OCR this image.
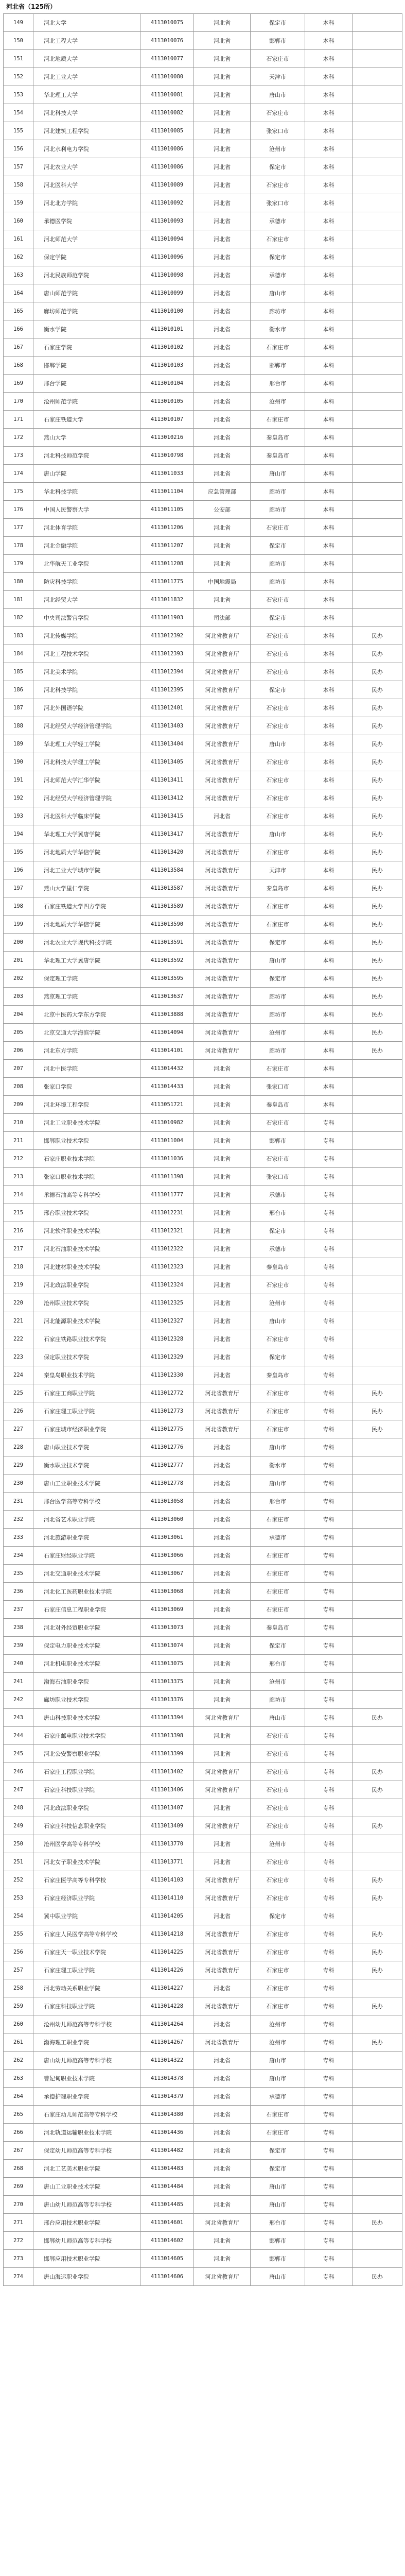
河北省（125所）
149	河北大学	4113010075	河北省	保定市	本科	
150	河北工程大学	4113010076	河北省	邯郸市	本科	
151	河北地质大学	4113010077	河北省	石家庄市	本科	
152	河北工业大学	4113010080	河北省	天津市	本科	
153	华北理工大学	4113010081	河北省	唐山市	本科	
154	河北科技大学	4113010082	河北省	石家庄市	本科	
155	河北建筑工程学院	4113010085	河北省	张家口市	本科	
156	河北水利电力学院	4113010086	河北省	沧州市	本科	
157	河北农业大学	4113010086	河北省	保定市	本科	
158	河北医科大学	4113010089	河北省	石家庄市	本科	
159	河北北方学院	4113010092	河北省	张家口市	本科	
160	承德医学院	4113010093	河北省	承德市	本科	
161	河北师范大学	4113010094	河北省	石家庄市	本科	
162	保定学院	4113010096	河北省	保定市	本科	
163	河北民族师范学院	4113010098	河北省	承德市	本科	
164	唐山师范学院	4113010099	河北省	唐山市	本科	
165	廊坊师范学院	4113010100	河北省	廊坊市	本科	
166	衡水学院	4113010101	河北省	衡水市	本科	
167	石家庄学院	4113010102	河北省	石家庄市	本科	
168	邯郸学院	4113010103	河北省	邯郸市	本科	
169	邢台学院	4113010104	河北省	邢台市	本科	
170	沧州师范学院	4113010105	河北省	沧州市	本科	
171	石家庄铁道大学	4113010107	河北省	石家庄市	本科	
172	燕山大学	4113010216	河北省	秦皇岛市	本科	
173	河北科技师范学院	4113010798	河北省	秦皇岛市	本科	
174	唐山学院	4113011033	河北省	唐山市	本科	
175	华北科技学院	4113011104	应急管理部	廊坊市	本科	
176	中国人民警察大学	4113011105	公安部	廊坊市	本科	
177	河北体育学院	4113011206	河北省	石家庄市	本科	
178	河北金融学院	4113011207	河北省	保定市	本科	
179	北华航天工业学院	4113011208	河北省	廊坊市	本科	
180	防灾科技学院	4113011775	中国地震局	廊坊市	本科	
181	河北经贸大学	4113011832	河北省	石家庄市	本科	
182	中央司法警官学院	4113011903	司法部	保定市	本科	
183	河北传媒学院	4113012392	河北省教育厅	石家庄市	本科	民办
184	河北工程技术学院	4113012393	河北省教育厅	石家庄市	本科	民办
185	河北美术学院	4113012394	河北省教育厅	石家庄市	本科	民办
186	河北科技学院	4113012395	河北省教育厅	保定市	本科	民办
187	河北外国语学院	4113012401	河北省教育厅	石家庄市	本科	民办
188	河北经贸大学经济管理学院	4113013403	河北省教育厅	石家庄市	本科	民办
189	华北理工大学轻工学院	4113013404	河北省教育厅	唐山市	本科	民办
190	河北科技大学理工学院	4113013405	河北省教育厅	石家庄市	本科	民办
191	河北师范大学汇华学院	4113013411	河北省教育厅	石家庄市	本科	民办
192	河北经贸大学经济管理学院	4113013412	河北省教育厅	石家庄市	本科	民办
193	河北医科大学临床学院	4113013415	河北省	石家庄市	本科	民办
194	华北理工大学冀唐学院	4113013417	河北省教育厅	唐山市	本科	民办
195	河北地质大学华信学院	4113013420	河北省教育厅	石家庄市	本科	民办
196	河北工业大学城市学院	4113013584	河北省教育厅	天津市	本科	民办
197	燕山大学里仁学院	4113013587	河北省教育厅	秦皇岛市	本科	民办
198	石家庄铁道大学四方学院	4113013589	河北省教育厅	石家庄市	本科	民办
199	河北地质大学华信学院	4113013590	河北省教育厅	石家庄市	本科	民办
200	河北农业大学现代科技学院	4113013591	河北省教育厅	保定市	本科	民办
201	华北理工大学冀唐学院	4113013592	河北省教育厅	唐山市	本科	民办
202	保定理工学院	4113013595	河北省教育厅	保定市	本科	民办
203	燕京理工学院	4113013637	河北省教育厅	廊坊市	本科	民办
204	北京中医药大学东方学院	4113013888	河北省教育厅	廊坊市	本科	民办
205	北京交通大学海滨学院	4113014094	河北省教育厅	沧州市	本科	民办
206	河北东方学院	4113014101	河北省教育厅	廊坊市	本科	民办
207	河北中医学院	4113014432	河北省	石家庄市	本科	
208	张家口学院	4113014433	河北省	张家口市	本科	
209	河北环境工程学院	4113051721	河北省	秦皇岛市	本科	
210	河北工业职业技术学院	4113010982	河北省	石家庄市	专科	
211	邯郸职业技术学院	4113011004	河北省	邯郸市	专科	
212	石家庄职业技术学院	4113011036	河北省	石家庄市	专科	
213	张家口职业技术学院	4113011398	河北省	张家口市	专科	
214	承德石油高等专科学校	4113011777	河北省	承德市	专科	
215	邢台职业技术学院	4113012231	河北省	邢台市	专科	
216	河北软件职业技术学院	4113012321	河北省	保定市	专科	
217	河北石油职业技术学院	4113012322	河北省	承德市	专科	
218	河北建材职业技术学院	4113012323	河北省	秦皇岛市	专科	
219	河北政法职业学院	4113012324	河北省	石家庄市	专科	
220	沧州职业技术学院	4113012325	河北省	沧州市	专科	
221	河北能源职业技术学院	4113012327	河北省	唐山市	专科	
222	石家庄铁路职业技术学院	4113012328	河北省	石家庄市	专科	
223	保定职业技术学院	4113012329	河北省	保定市	专科	
224	秦皇岛职业技术学院	4113012330	河北省	秦皇岛市	专科	
225	石家庄工商职业学院	4113012772	河北省教育厅	石家庄市	专科	民办
226	石家庄理工职业学院	4113012773	河北省教育厅	石家庄市	专科	民办
227	石家庄城市经济职业学院	4113012775	河北省教育厅	石家庄市	专科	民办
228	唐山职业技术学院	4113012776	河北省	唐山市	专科	
229	衡水职业技术学院	4113012777	河北省	衡水市	专科	
230	唐山工业职业技术学院	4113012778	河北省	唐山市	专科	
231	邢台医学高等专科学校	4113013058	河北省	邢台市	专科	
232	河北省艺术职业学院	4113013060	河北省	石家庄市	专科	
233	河北旅游职业学院	4113013061	河北省	承德市	专科	
234	石家庄财经职业学院	4113013066	河北省	石家庄市	专科	
235	河北交通职业技术学院	4113013067	河北省	石家庄市	专科	
236	河北化工医药职业技术学院	4113013068	河北省	石家庄市	专科	
237	石家庄信息工程职业学院	4113013069	河北省	石家庄市	专科	
238	河北对外经贸职业学院	4113013073	河北省	秦皇岛市	专科	
239	保定电力职业技术学院	4113013074	河北省	保定市	专科	
240	河北机电职业技术学院	4113013075	河北省	邢台市	专科	
241	渤海石油职业学院	4113013375	河北省	沧州市	专科	
242	廊坊职业技术学院	4113013376	河北省	廊坊市	专科	
243	唐山科技职业技术学院	4113013394	河北省教育厅	唐山市	专科	民办
244	石家庄邮电职业技术学院	4113013398	河北省	石家庄市	专科	
245	河北公安警察职业学院	4113013399	河北省	石家庄市	专科	
246	石家庄工程职业学院	4113013402	河北省教育厅	石家庄市	专科	民办
247	石家庄科技职业学院	4113013406	河北省教育厅	石家庄市	专科	民办
248	河北政法职业学院	4113013407	河北省	石家庄市	专科	
249	石家庄科技信息职业学院	4113013409	河北省教育厅	石家庄市	专科	民办
250	沧州医学高等专科学校	4113013770	河北省	沧州市	专科	
251	河北女子职业技术学院	4113013771	河北省	石家庄市	专科	
252	石家庄医学高等专科学校	4113014103	河北省教育厅	石家庄市	专科	民办
253	石家庄经济职业学院	4113014110	河北省教育厅	石家庄市	专科	民办
254	冀中职业学院	4113014205	河北省	保定市	专科	
255	石家庄人民医学高等专科学校	4113014218	河北省教育厅	石家庄市	专科	民办
256	石家庄天一职业技术学院	4113014225	河北省教育厅	石家庄市	专科	民办
257	石家庄理工职业学院	4113014226	河北省教育厅	石家庄市	专科	民办
258	河北劳动关系职业学院	4113014227	河北省	石家庄市	专科	
259	石家庄科技职业学院	4113014228	河北省教育厅	石家庄市	专科	民办
260	沧州幼儿师范高等专科学校	4113014264	河北省	沧州市	专科	
261	渤海理工职业学院	4113014267	河北省教育厅	沧州市	专科	民办
262	唐山幼儿师范高等专科学校	4113014322	河北省	唐山市	专科	
263	曹妃甸职业技术学院	4113014378	河北省	唐山市	专科	
264	承德护理职业学院	4113014379	河北省	承德市	专科	
265	石家庄幼儿师范高等专科学校	4113014380	河北省	石家庄市	专科	
266	河北轨道运输职业技术学院	4113014436	河北省	石家庄市	专科	
267	保定幼儿师范高等专科学校	4113014482	河北省	保定市	专科	
268	河北工艺美术职业学院	4113014483	河北省	保定市	专科	
269	唐山工业职业技术学院	4113014484	河北省	唐山市	专科	
270	唐山幼儿师范高等专科学校	4113014485	河北省	唐山市	专科	
271	邢台应用技术职业学院	4113014601	河北省教育厅	邢台市	专科	民办
272	邯郸幼儿师范高等专科学校	4113014602	河北省	邯郸市	专科	
273	邯郸应用技术职业学院	4113014605	河北省	邯郸市	专科	
274	唐山海运职业学院	4113014606	河北省教育厅	唐山市	专科	民办
